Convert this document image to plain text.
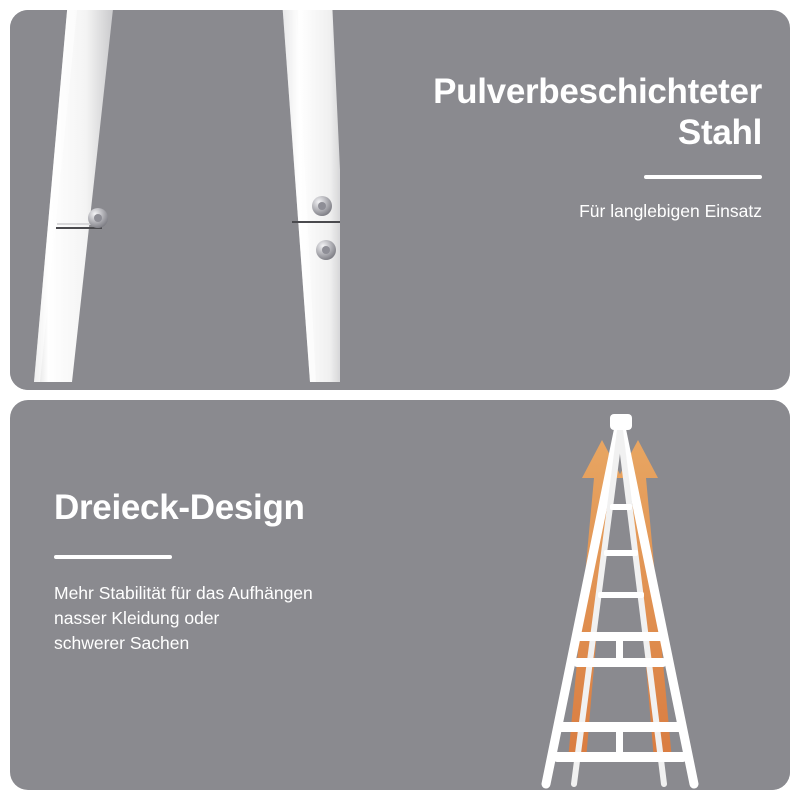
Pulverbeschichteter
Stahl
Für langlebigen Einsatz
Dreieck-Design
Mehr Stabilität für das Aufhängen
nasser Kleidung oder
schwerer Sachen
